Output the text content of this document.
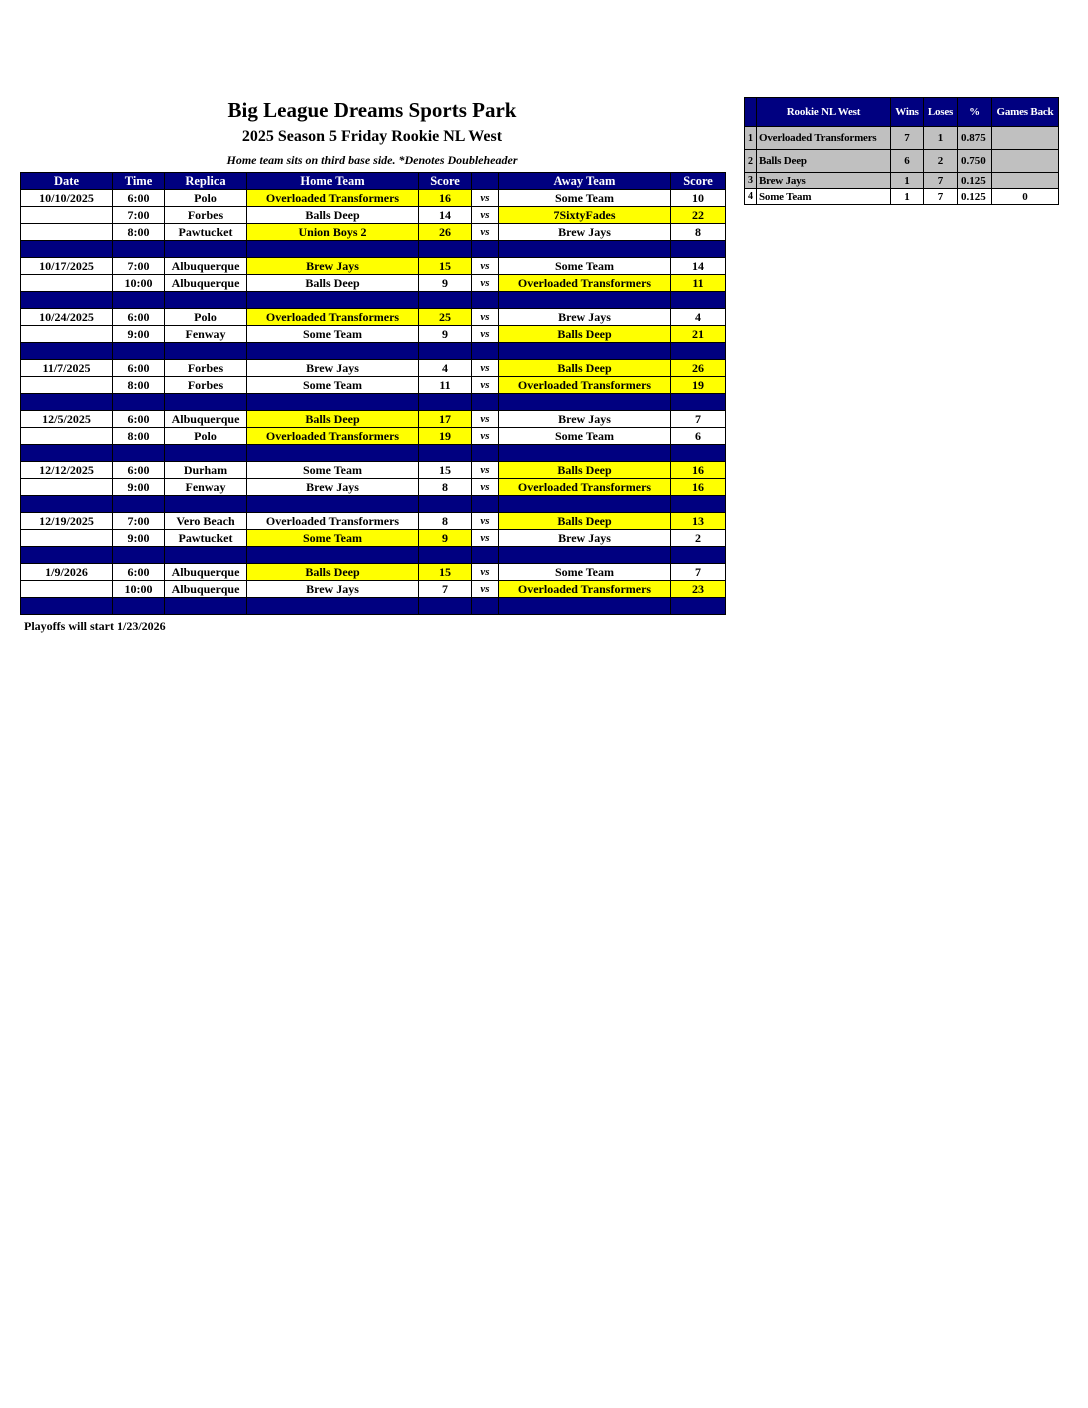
Big League Dreams Sports Park
2025 Season 5 Friday Rookie NL West
Home team sits on third base side. *Denotes Doubleheader
Date	Time	Replica	Home Team	Score		Away Team	Score
10/10/2025	6:00	Polo	Overloaded Transformers	16	vs	Some Team	10
	7:00	Forbes	Balls Deep	14	vs	7SixtyFades	22
	8:00	Pawtucket	Union Boys 2	26	vs	Brew Jays	8

10/17/2025	7:00	Albuquerque	Brew Jays	15	vs	Some Team	14
	10:00	Albuquerque	Balls Deep	9	vs	Overloaded Transformers	11

10/24/2025	6:00	Polo	Overloaded Transformers	25	vs	Brew Jays	4
	9:00	Fenway	Some Team	9	vs	Balls Deep	21

11/7/2025	6:00	Forbes	Brew Jays	4	vs	Balls Deep	26
	8:00	Forbes	Some Team	11	vs	Overloaded Transformers	19

12/5/2025	6:00	Albuquerque	Balls Deep	17	vs	Brew Jays	7
	8:00	Polo	Overloaded Transformers	19	vs	Some Team	6

12/12/2025	6:00	Durham	Some Team	15	vs	Balls Deep	16
	9:00	Fenway	Brew Jays	8	vs	Overloaded Transformers	16

12/19/2025	7:00	Vero Beach	Overloaded Transformers	8	vs	Balls Deep	13
	9:00	Pawtucket	Some Team	9	vs	Brew Jays	2

1/9/2026	6:00	Albuquerque	Balls Deep	15	vs	Some Team	7
	10:00	Albuquerque	Brew Jays	7	vs	Overloaded Transformers	23

Playoffs will start 1/23/2026
	Rookie NL West	Wins	Loses	%	Games Back
1	Overloaded Transformers	7	1	0.875	
2	Balls Deep	6	2	0.750	
3	Brew Jays	1	7	0.125	
4	Some Team	1	7	0.125	0
